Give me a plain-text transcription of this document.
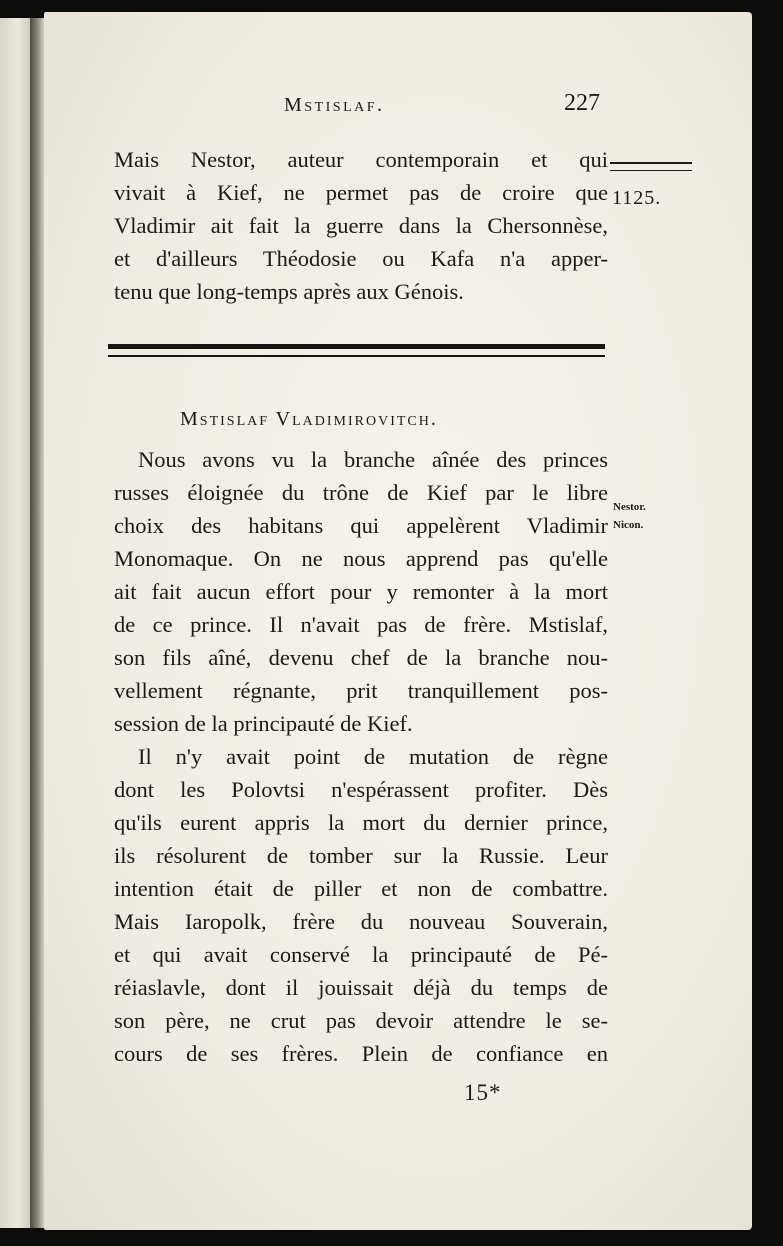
Mstislaf.	227
1125.
Mais Nestor, auteur contemporain et qui
vivait à Kief, ne permet pas de croire que
Vladimir ait fait la guerre dans la Chersonnèse,
et d'ailleurs Théodosie ou Kafa n'a apper-
tenu que long-temps après aux Génois.
Mstislaf Vladimirovitch.
Nestor.
Nicon.
Nous avons vu la branche aînée des princes
russes éloignée du trône de Kief par le libre
choix des habitans qui appelèrent Vladimir
Monomaque. On ne nous apprend pas qu'elle
ait fait aucun effort pour y remonter à la mort
de ce prince. Il n'avait pas de frère. Mstislaf,
son fils aîné, devenu chef de la branche nou-
vellement régnante, prit tranquillement pos-
session de la principauté de Kief.
Il n'y avait point de mutation de règne
dont les Polovtsi n'espérassent profiter. Dès
qu'ils eurent appris la mort du dernier prince,
ils résolurent de tomber sur la Russie. Leur
intention était de piller et non de combattre.
Mais Iaropolk, frère du nouveau Souverain,
et qui avait conservé la principauté de Pé-
réiaslavle, dont il jouissait déjà du temps de
son père, ne crut pas devoir attendre le se-
cours de ses frères. Plein de confiance en
15*
